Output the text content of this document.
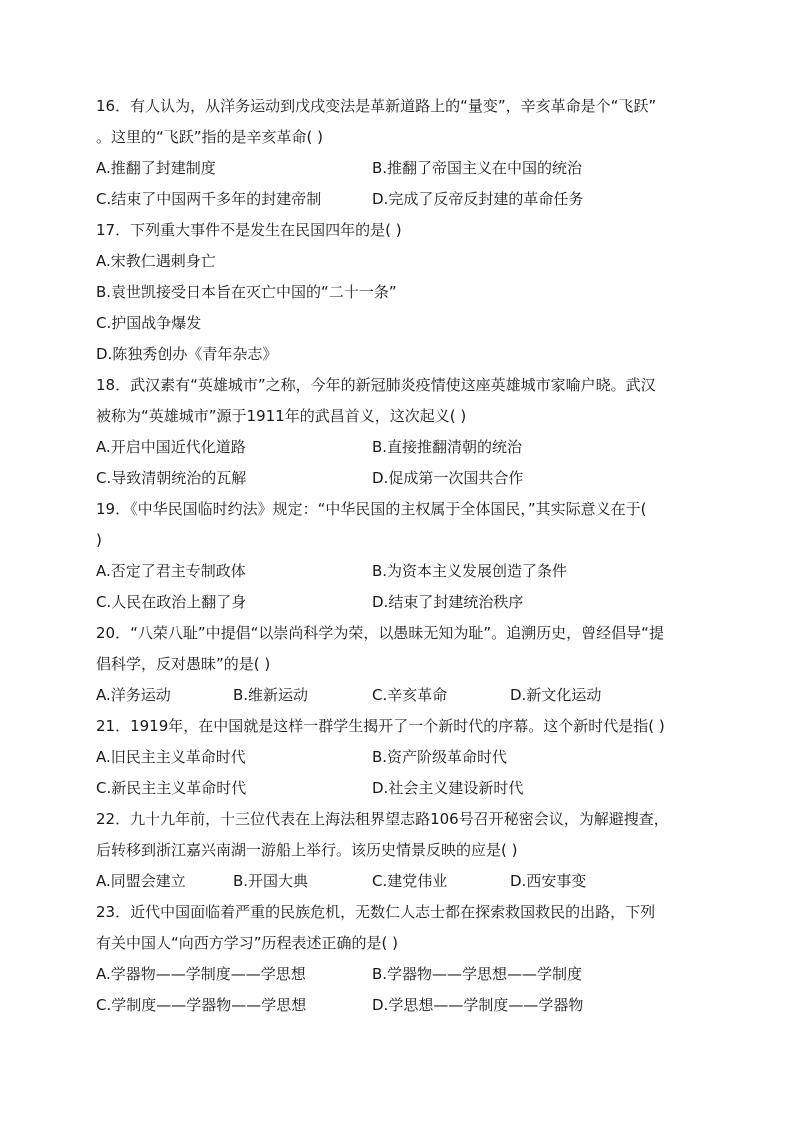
16．有人认为，从洋务运动到戊戌变法是革新道路上的“量变”，辛亥革命是个“飞跃”
。这里的“飞跃”指的是辛亥革命( )
A.推翻了封建制度	B.推翻了帝国主义在中国的统治
C.结束了中国两千多年的封建帝制	D.完成了反帝反封建的革命任务
17．下列重大事件不是发生在民国四年的是( )
A.宋教仁遇刺身亡
B.袁世凯接受日本旨在灭亡中国的“二十一条”
C.护国战争爆发
D.陈独秀创办《青年杂志》
18．武汉素有“英雄城市”之称，今年的新冠肺炎疫情使这座英雄城市家喻户晓。武汉
被称为“英雄城市”源于1911年的武昌首义，这次起义( )
A.开启中国近代化道路	B.直接推翻清朝的统治
C.导致清朝统治的瓦解	D.促成第一次国共合作
19．《中华民国临时约法》规定：“中华民国的主权属于全体国民，”其实际意义在于(
)
A.否定了君主专制政体	B.为资本主义发展创造了条件
C.人民在政治上翻了身	D.结束了封建统治秩序
20．“八荣八耻”中提倡“以崇尚科学为荣，以愚昧无知为耻”。追溯历史，曾经倡导“提
倡科学，反对愚昧”的是( )
A.洋务运动	B.维新运动	C.辛亥革命	D.新文化运动
21．1919年，在中国就是这样一群学生揭开了一个新时代的序幕。这个新时代是指( )
A.旧民主主义革命时代	B.资产阶级革命时代
C.新民主主义革命时代	D.社会主义建设新时代
22．九十九年前，十三位代表在上海法租界望志路106号召开秘密会议，为解避搜查，
后转移到浙江嘉兴南湖一游船上举行。该历史情景反映的应是( )
A.同盟会建立	B.开国大典	C.建党伟业	D.西安事变
23．近代中国面临着严重的民族危机，无数仁人志士都在探索救国救民的出路，下列
有关中国人“向西方学习”历程表述正确的是( )
A.学器物——学制度——学思想	B.学器物——学思想——学制度
C.学制度——学器物——学思想	D.学思想——学制度——学器物
